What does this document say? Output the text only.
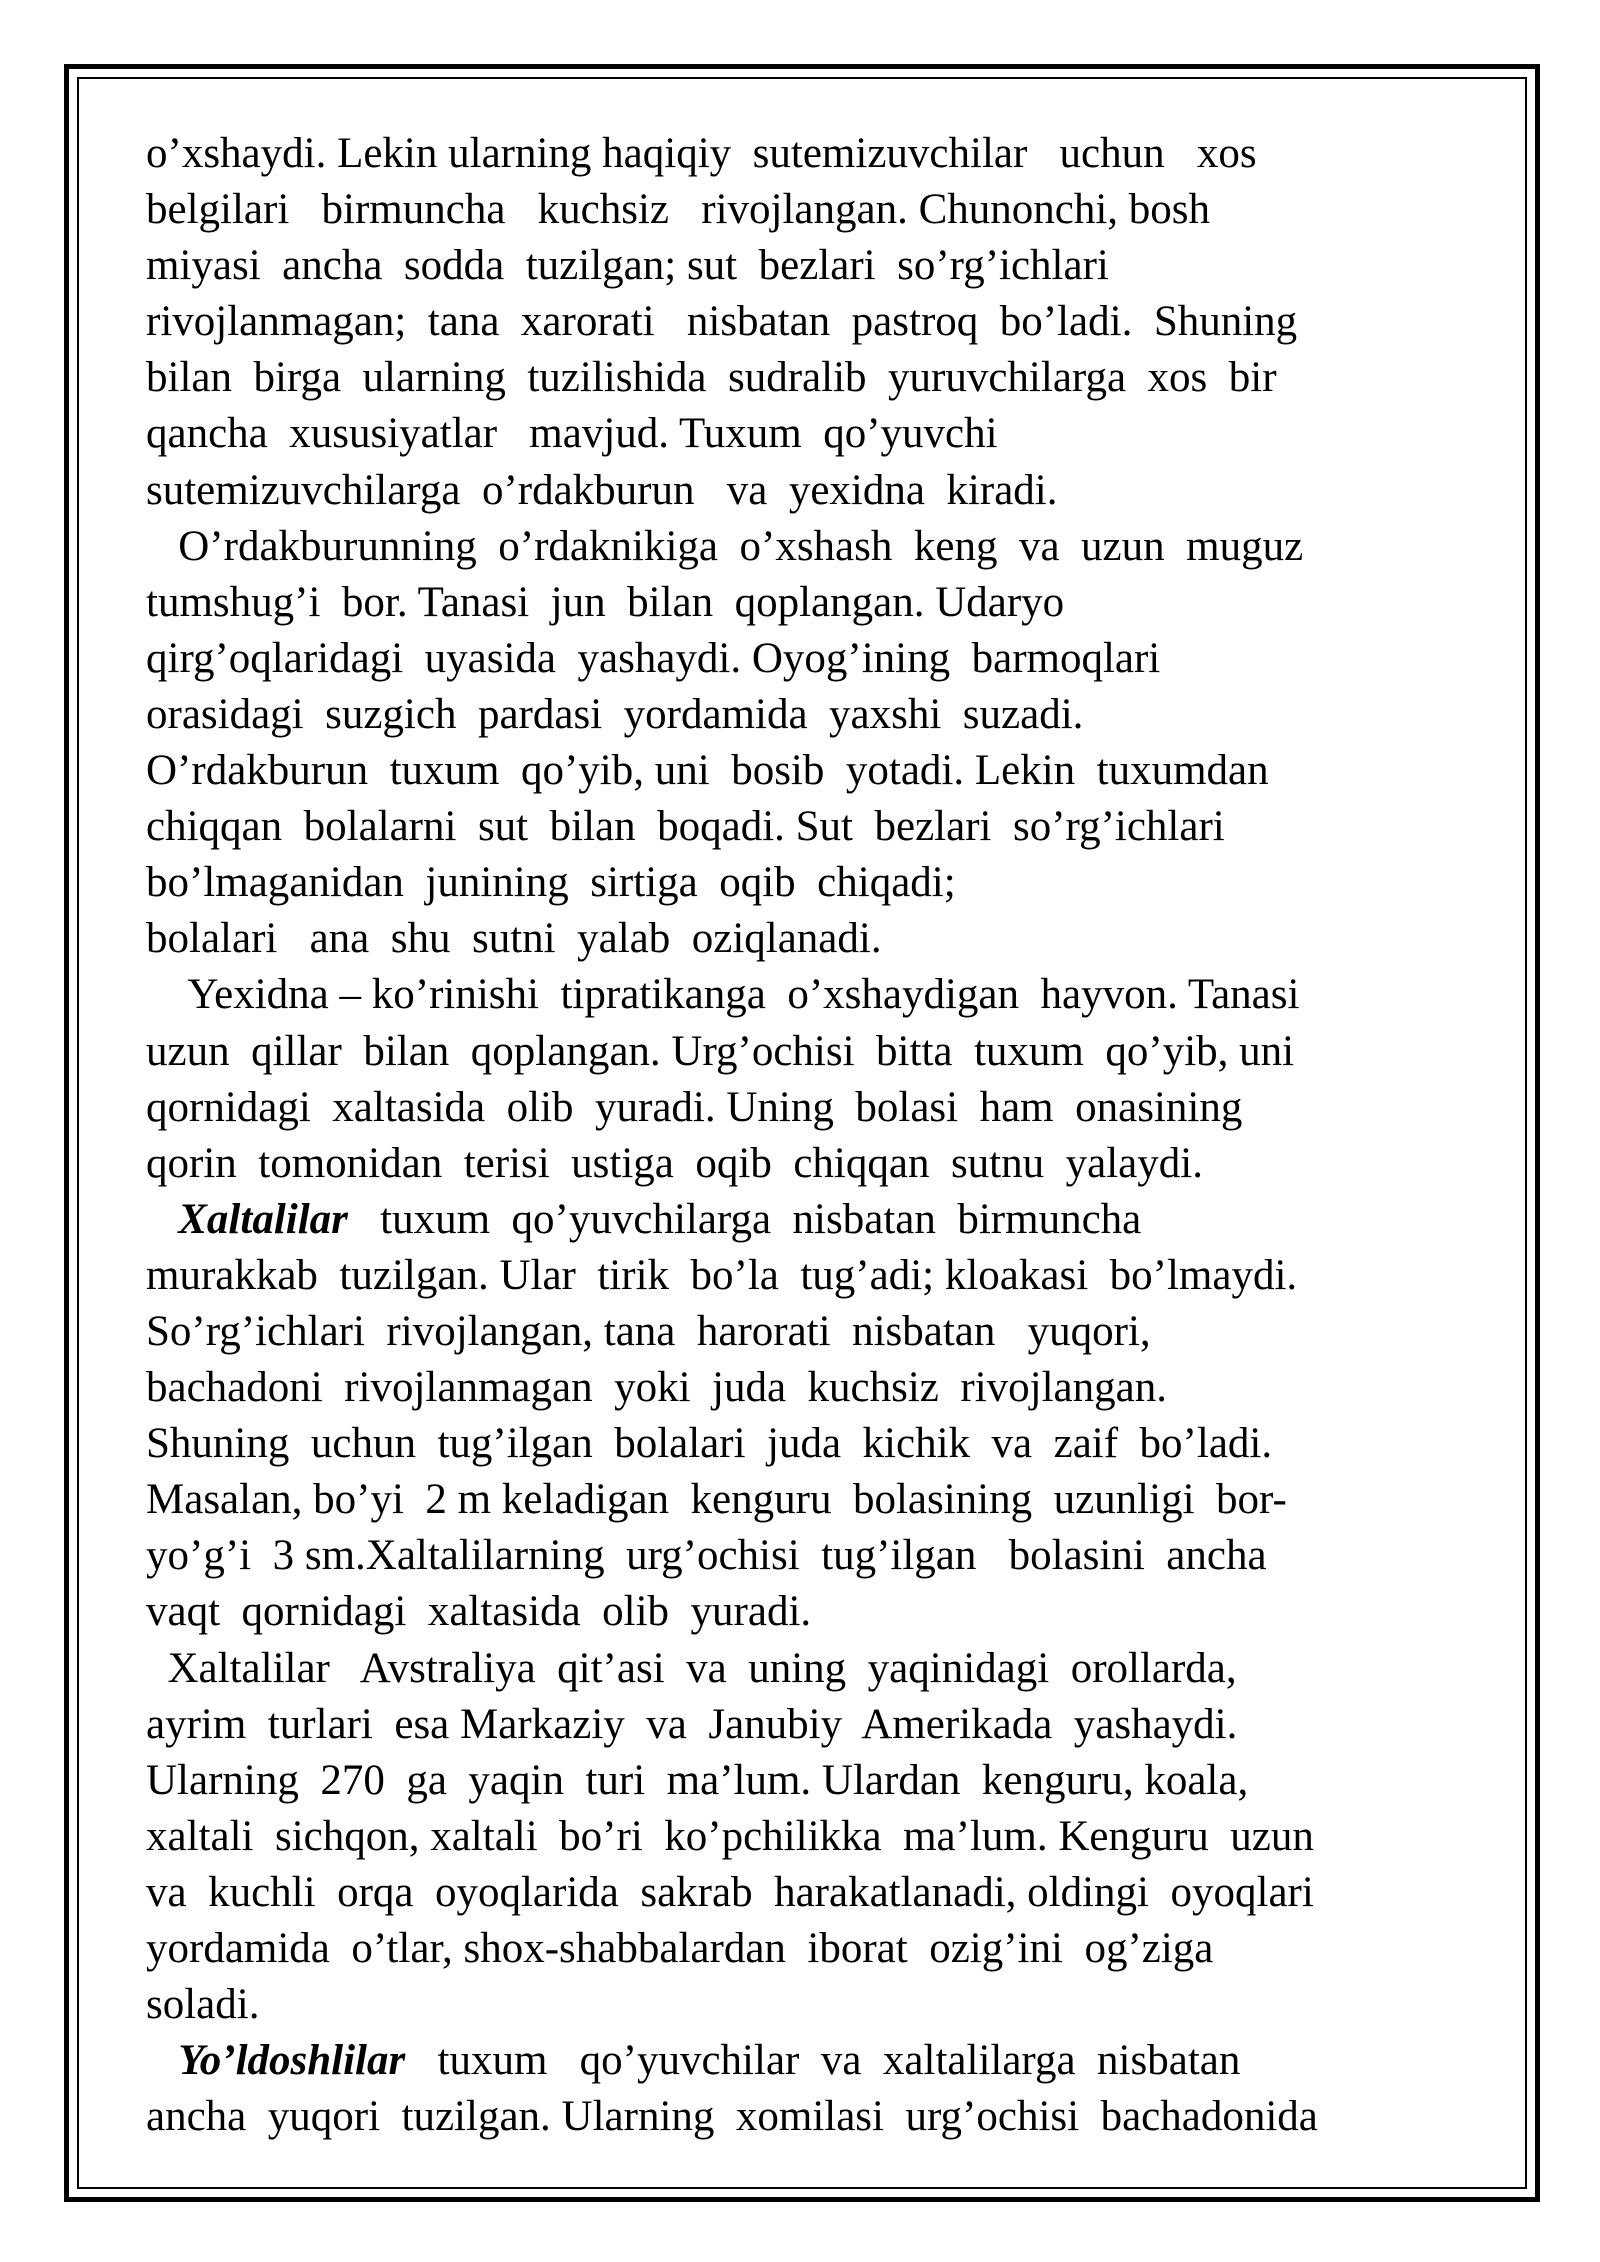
o’xshaydi. Lekin ularning haqiqiy  sutemizuvchilar   uchun   xos
belgilari   birmuncha   kuchsiz   rivojlangan. Chunonchi, bosh
miyasi  ancha  sodda  tuzilgan; sut  bezlari  so’rg’ichlari
rivojlanmagan;  tana  xarorati   nisbatan  pastroq  bo’ladi.  Shuning
bilan  birga  ularning  tuzilishida  sudralib  yuruvchilarga  xos  bir
qancha  xususiyatlar   mavjud. Tuxum  qo’yuvchi
sutemizuvchilarga  o’rdakburun   va  yexidna  kiradi.
O’rdakburunning  o’rdaknikiga  o’xshash  keng  va  uzun  muguz
tumshug’i  bor. Tanasi  jun  bilan  qoplangan. Udaryo
qirg’oqlaridagi  uyasida  yashaydi. Oyog’ining  barmoqlari
orasidagi  suzgich  pardasi  yordamida  yaxshi  suzadi.
O’rdakburun  tuxum  qo’yib, uni  bosib  yotadi. Lekin  tuxumdan
chiqqan  bolalarni  sut  bilan  boqadi. Sut  bezlari  so’rg’ichlari
bo’lmaganidan  junining  sirtiga  oqib  chiqadi;
bolalari   ana  shu  sutni  yalab  oziqlanadi.
Yexidna – ko’rinishi  tipratikanga  o’xshaydigan  hayvon. Tanasi
uzun  qillar  bilan  qoplangan. Urg’ochisi  bitta  tuxum  qo’yib, uni
qornidagi  xaltasida  olib  yuradi. Uning  bolasi  ham  onasining
qorin  tomonidan  terisi  ustiga  oqib  chiqqan  sutnu  yalaydi.
Xaltalilar   tuxum  qo’yuvchilarga  nisbatan  birmuncha
murakkab  tuzilgan. Ular  tirik  bo’la  tug’adi; kloakasi  bo’lmaydi.
So’rg’ichlari  rivojlangan, tana  harorati  nisbatan   yuqori,
bachadoni  rivojlanmagan  yoki  juda  kuchsiz  rivojlangan.
Shuning  uchun  tug’ilgan  bolalari  juda  kichik  va  zaif  bo’ladi.
Masalan, bo’yi  2 m keladigan  kenguru  bolasining  uzunligi  bor-
yo’g’i  3 sm.Xaltalilarning  urg’ochisi  tug’ilgan   bolasini  ancha
vaqt  qornidagi  xaltasida  olib  yuradi.
Xaltalilar   Avstraliya  qit’asi  va  uning  yaqinidagi  orollarda,
ayrim  turlari  esa Markaziy  va  Janubiy  Amerikada  yashaydi.
Ularning  270  ga  yaqin  turi  ma’lum. Ulardan  kenguru, koala,
xaltali  sichqon, xaltali  bo’ri  ko’pchilikka  ma’lum. Kenguru  uzun
va  kuchli  orqa  oyoqlarida  sakrab  harakatlanadi, oldingi  oyoqlari
yordamida  o’tlar, shox-shabbalardan  iborat  ozig’ini  og’ziga
soladi.
Yo’ldoshlilar   tuxum   qo’yuvchilar  va  xaltalilarga  nisbatan
ancha  yuqori  tuzilgan. Ularning  xomilasi  urg’ochisi  bachadonida
